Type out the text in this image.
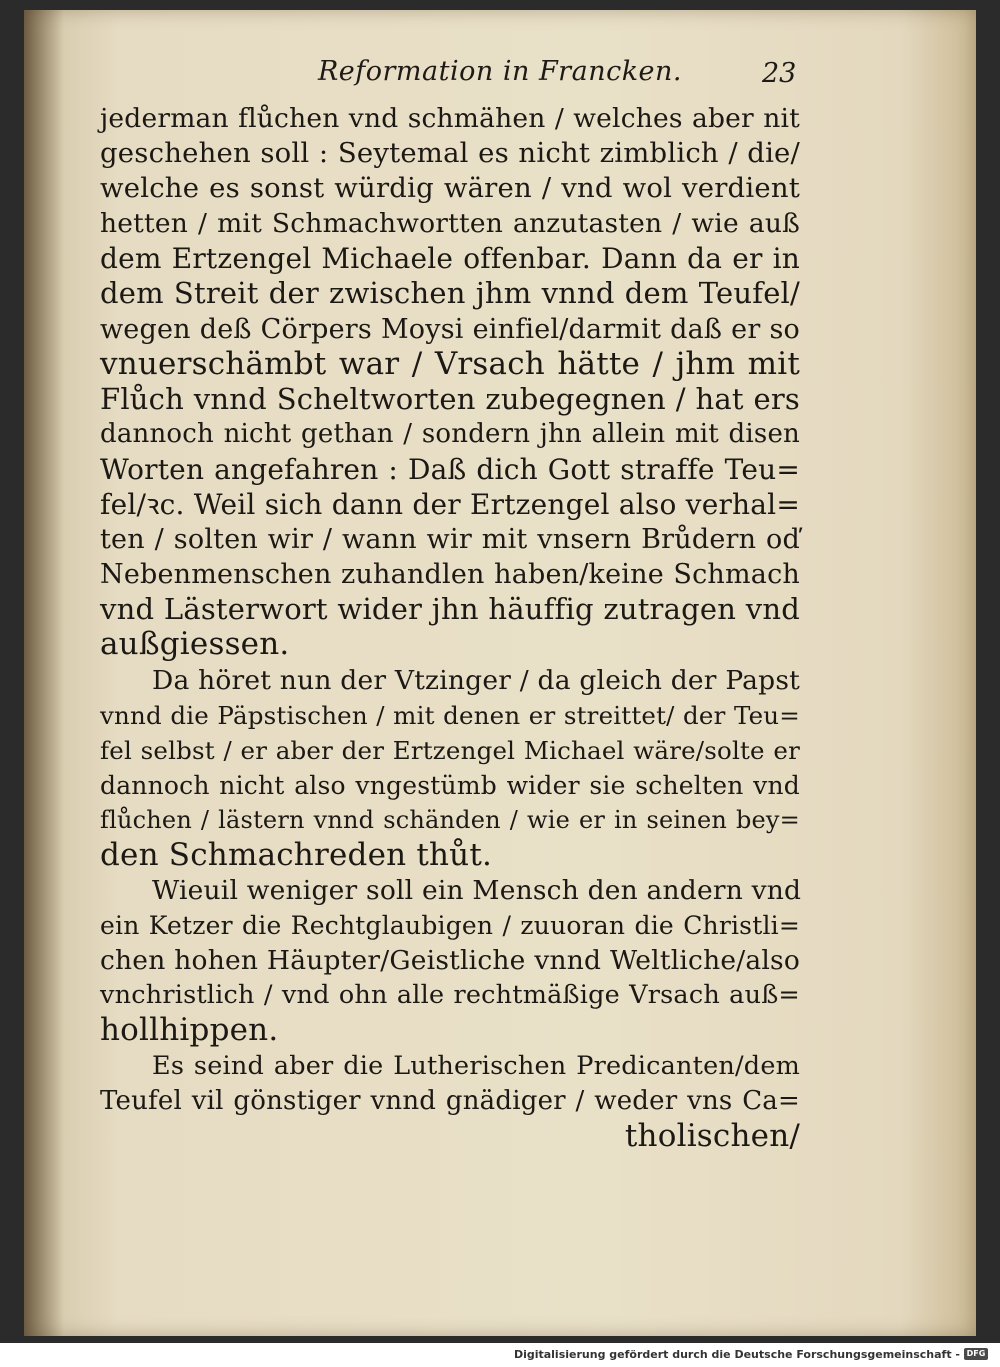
Reformation in Francken.	23
jederman flůchen vnd schmähen / welches aber nit
geschehen soll : Seytemal es nicht zimblich / die/
welche es sonst würdig wären / vnd wol verdient
hetten / mit Schmachwortten anzutasten / wie auß
dem Ertzengel Michaele offenbar. Dann da er in
dem Streit der zwischen jhm vnnd dem Teufel/
wegen deß Cörpers Moysi einfiel/darmit daß er so
vnuerschämbt war / Vrsach hätte / jhm mit
Flůch vnnd Scheltworten zubegegnen / hat ers
dannoch nicht gethan / sondern jhn allein mit disen
Worten angefahren : Daß dich Gott straffe Teu=
fel/ꝛc. Weil sich dann der Ertzengel also verhal=
ten / solten wir / wann wir mit vnsern Brůdern oď
Nebenmenschen zuhandlen haben/keine Schmach
vnd Lästerwort wider jhn häuffig zutragen vnd
außgiessen.
Da höret nun der Vtzinger / da gleich der Papst
vnnd die Päpstischen / mit denen er streittet/ der Teu=
fel selbst / er aber der Ertzengel Michael wäre/solte er
dannoch nicht also vngestümb wider sie schelten vnd
flůchen / lästern vnnd schänden / wie er in seinen bey=
den Schmachreden thůt.
Wieuil weniger soll ein Mensch den andern vnd
ein Ketzer die Rechtglaubigen / zuuoran die Christli=
chen hohen Häupter/Geistliche vnnd Weltliche/also
vnchristlich / vnd ohn alle rechtmäßige Vrsach auß=
hollhippen.
Es seind aber die Lutherischen Predicanten/dem
Teufel vil gönstiger vnnd gnädiger / weder vns Ca=
tholischen/
Digitalisierung gefördert durch die Deutsche Forschungsgemeinschaft - DFG
